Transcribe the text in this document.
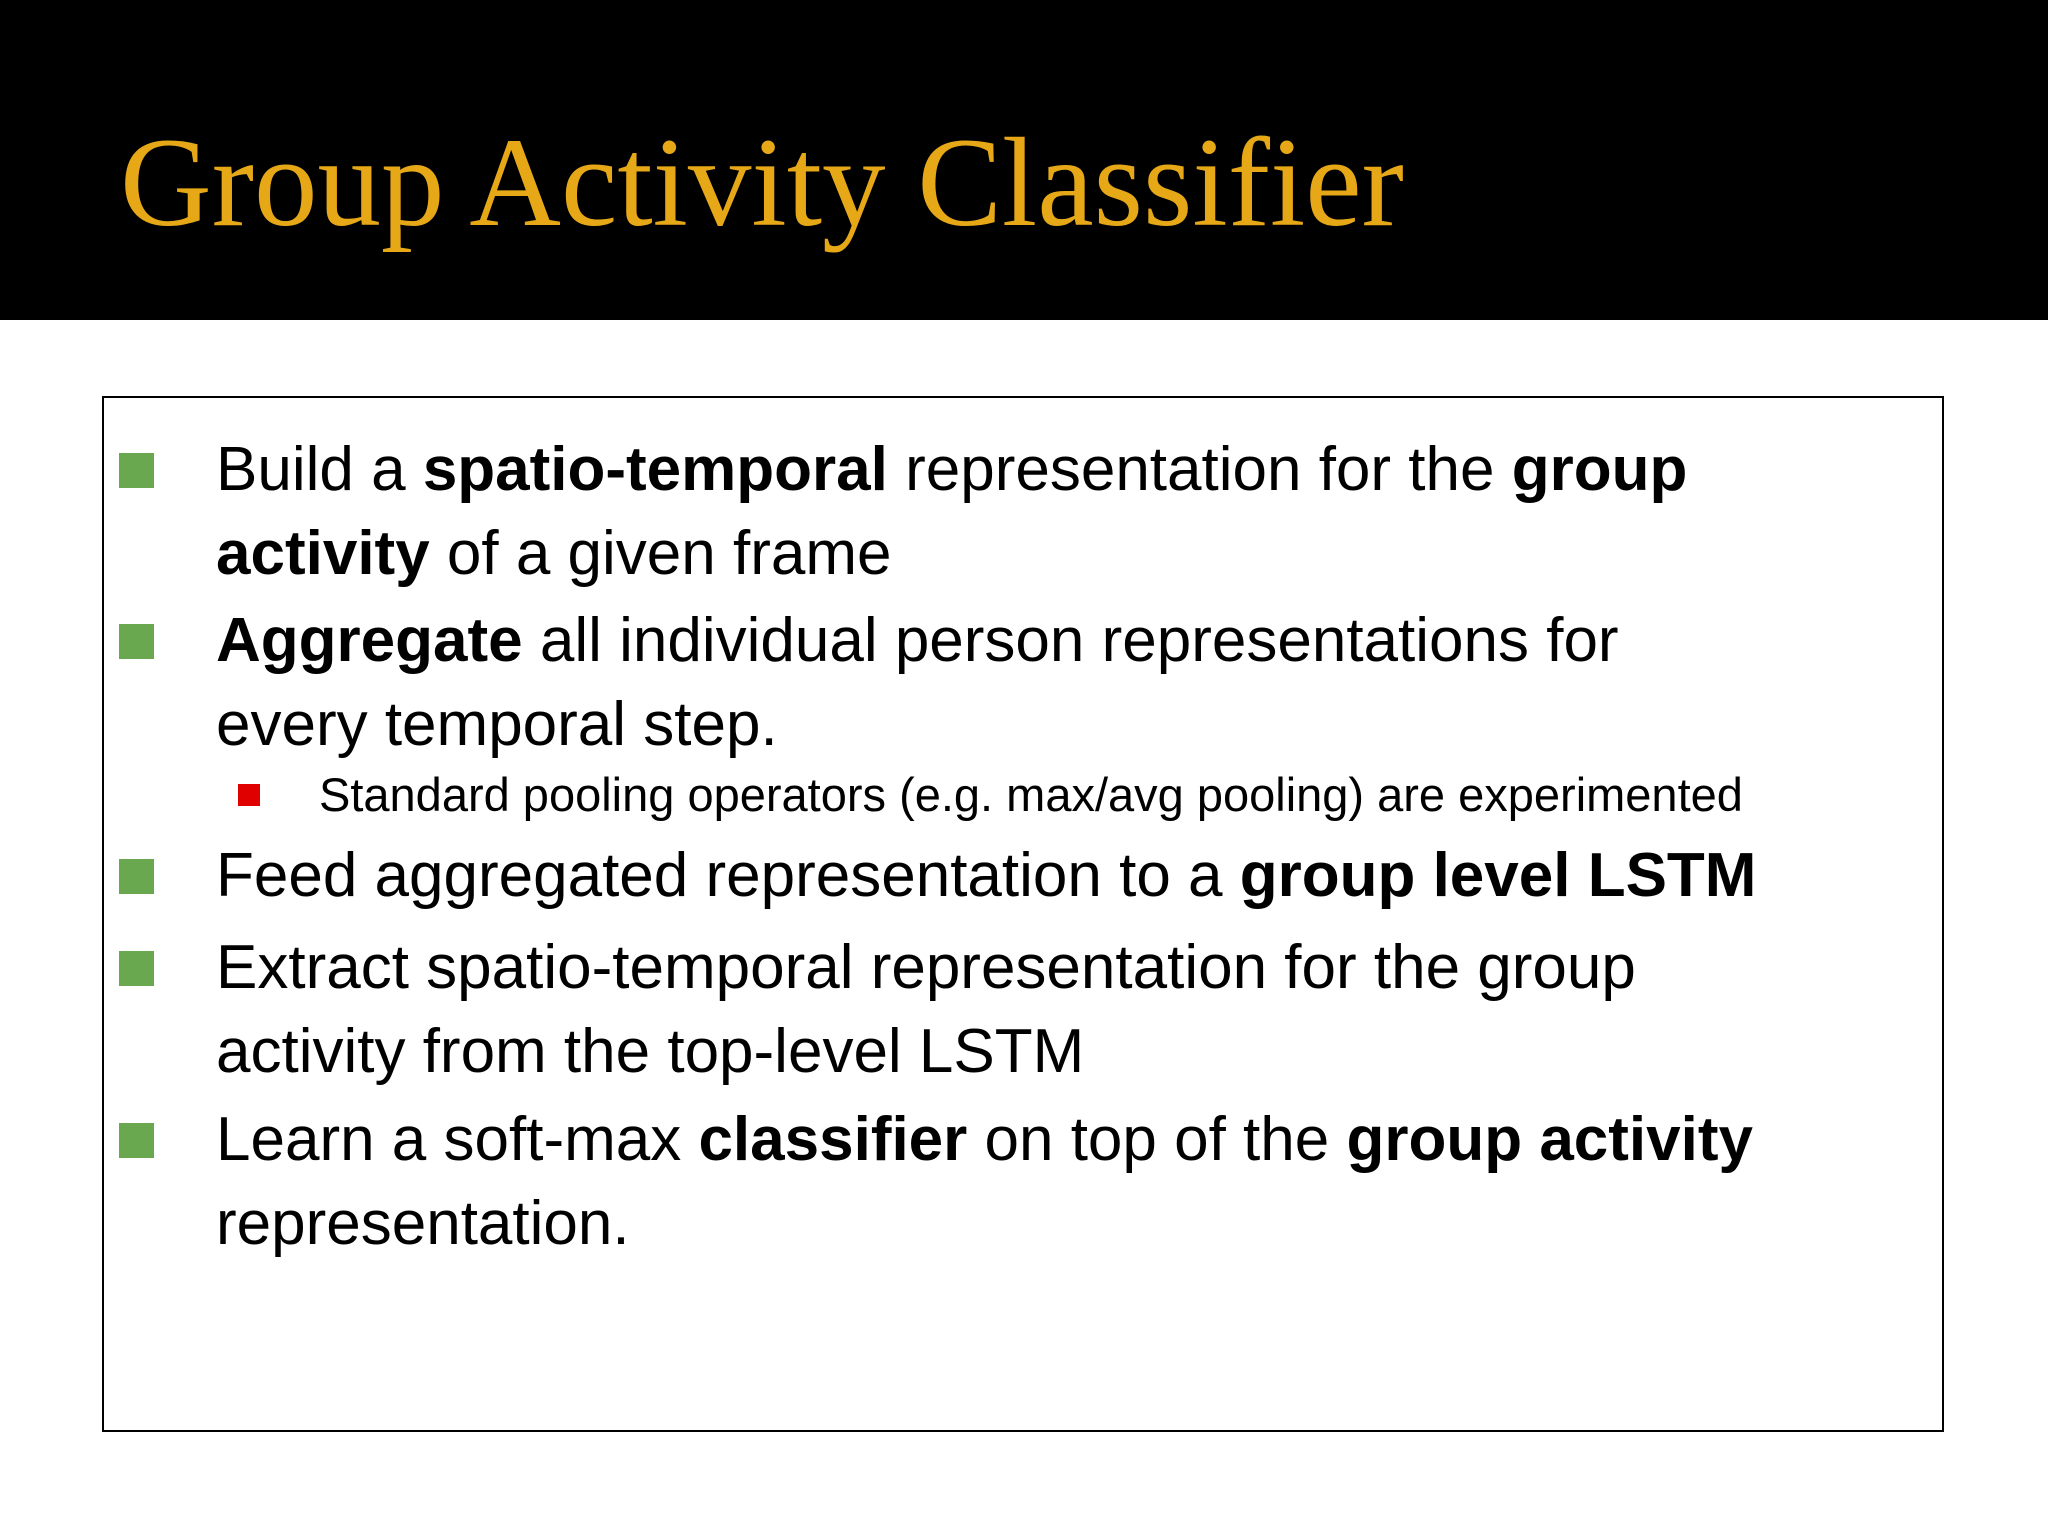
Group Activity Classifier
Build a spatio-temporal representation for the group
activity of a given frame
Aggregate all individual person representations for
every temporal step.
Standard pooling operators (e.g. max/avg pooling) are experimented
Feed aggregated representation to a group level LSTM
Extract spatio-temporal representation for the group
activity from the top-level LSTM
Learn a soft-max classifier on top of the group activity
representation.
